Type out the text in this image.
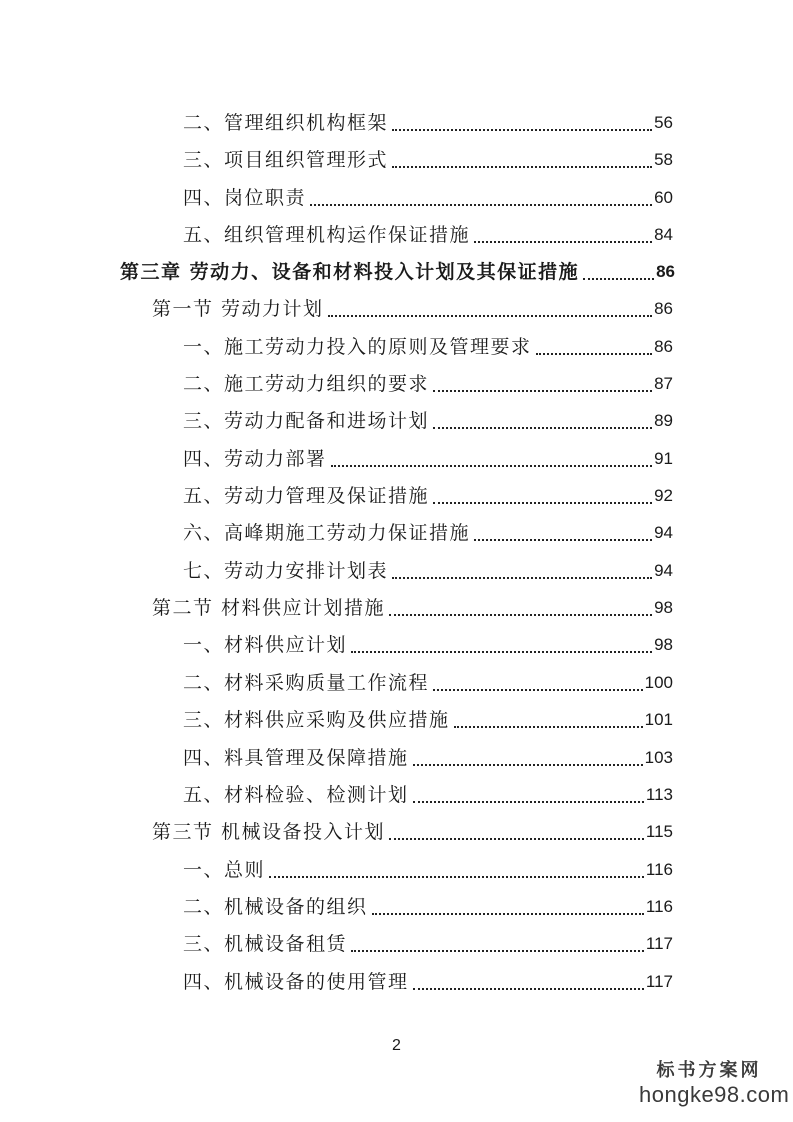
二、管理组织机构框架	56
三、项目组织管理形式	58
四、岗位职责	60
五、组织管理机构运作保证措施	84
第三章 劳动力、设备和材料投入计划及其保证措施	86
第一节 劳动力计划	86
一、施工劳动力投入的原则及管理要求	86
二、施工劳动力组织的要求	87
三、劳动力配备和进场计划	89
四、劳动力部署	91
五、劳动力管理及保证措施	92
六、高峰期施工劳动力保证措施	94
七、劳动力安排计划表	94
第二节 材料供应计划措施	98
一、材料供应计划	98
二、材料采购质量工作流程	100
三、材料供应采购及供应措施	101
四、料具管理及保障措施	103
五、材料检验、检测计划	113
第三节 机械设备投入计划	115
一、总则	116
二、机械设备的组织	116
三、机械设备租赁	117
四、机械设备的使用管理	117
2
标书方案网
hongke98.com
